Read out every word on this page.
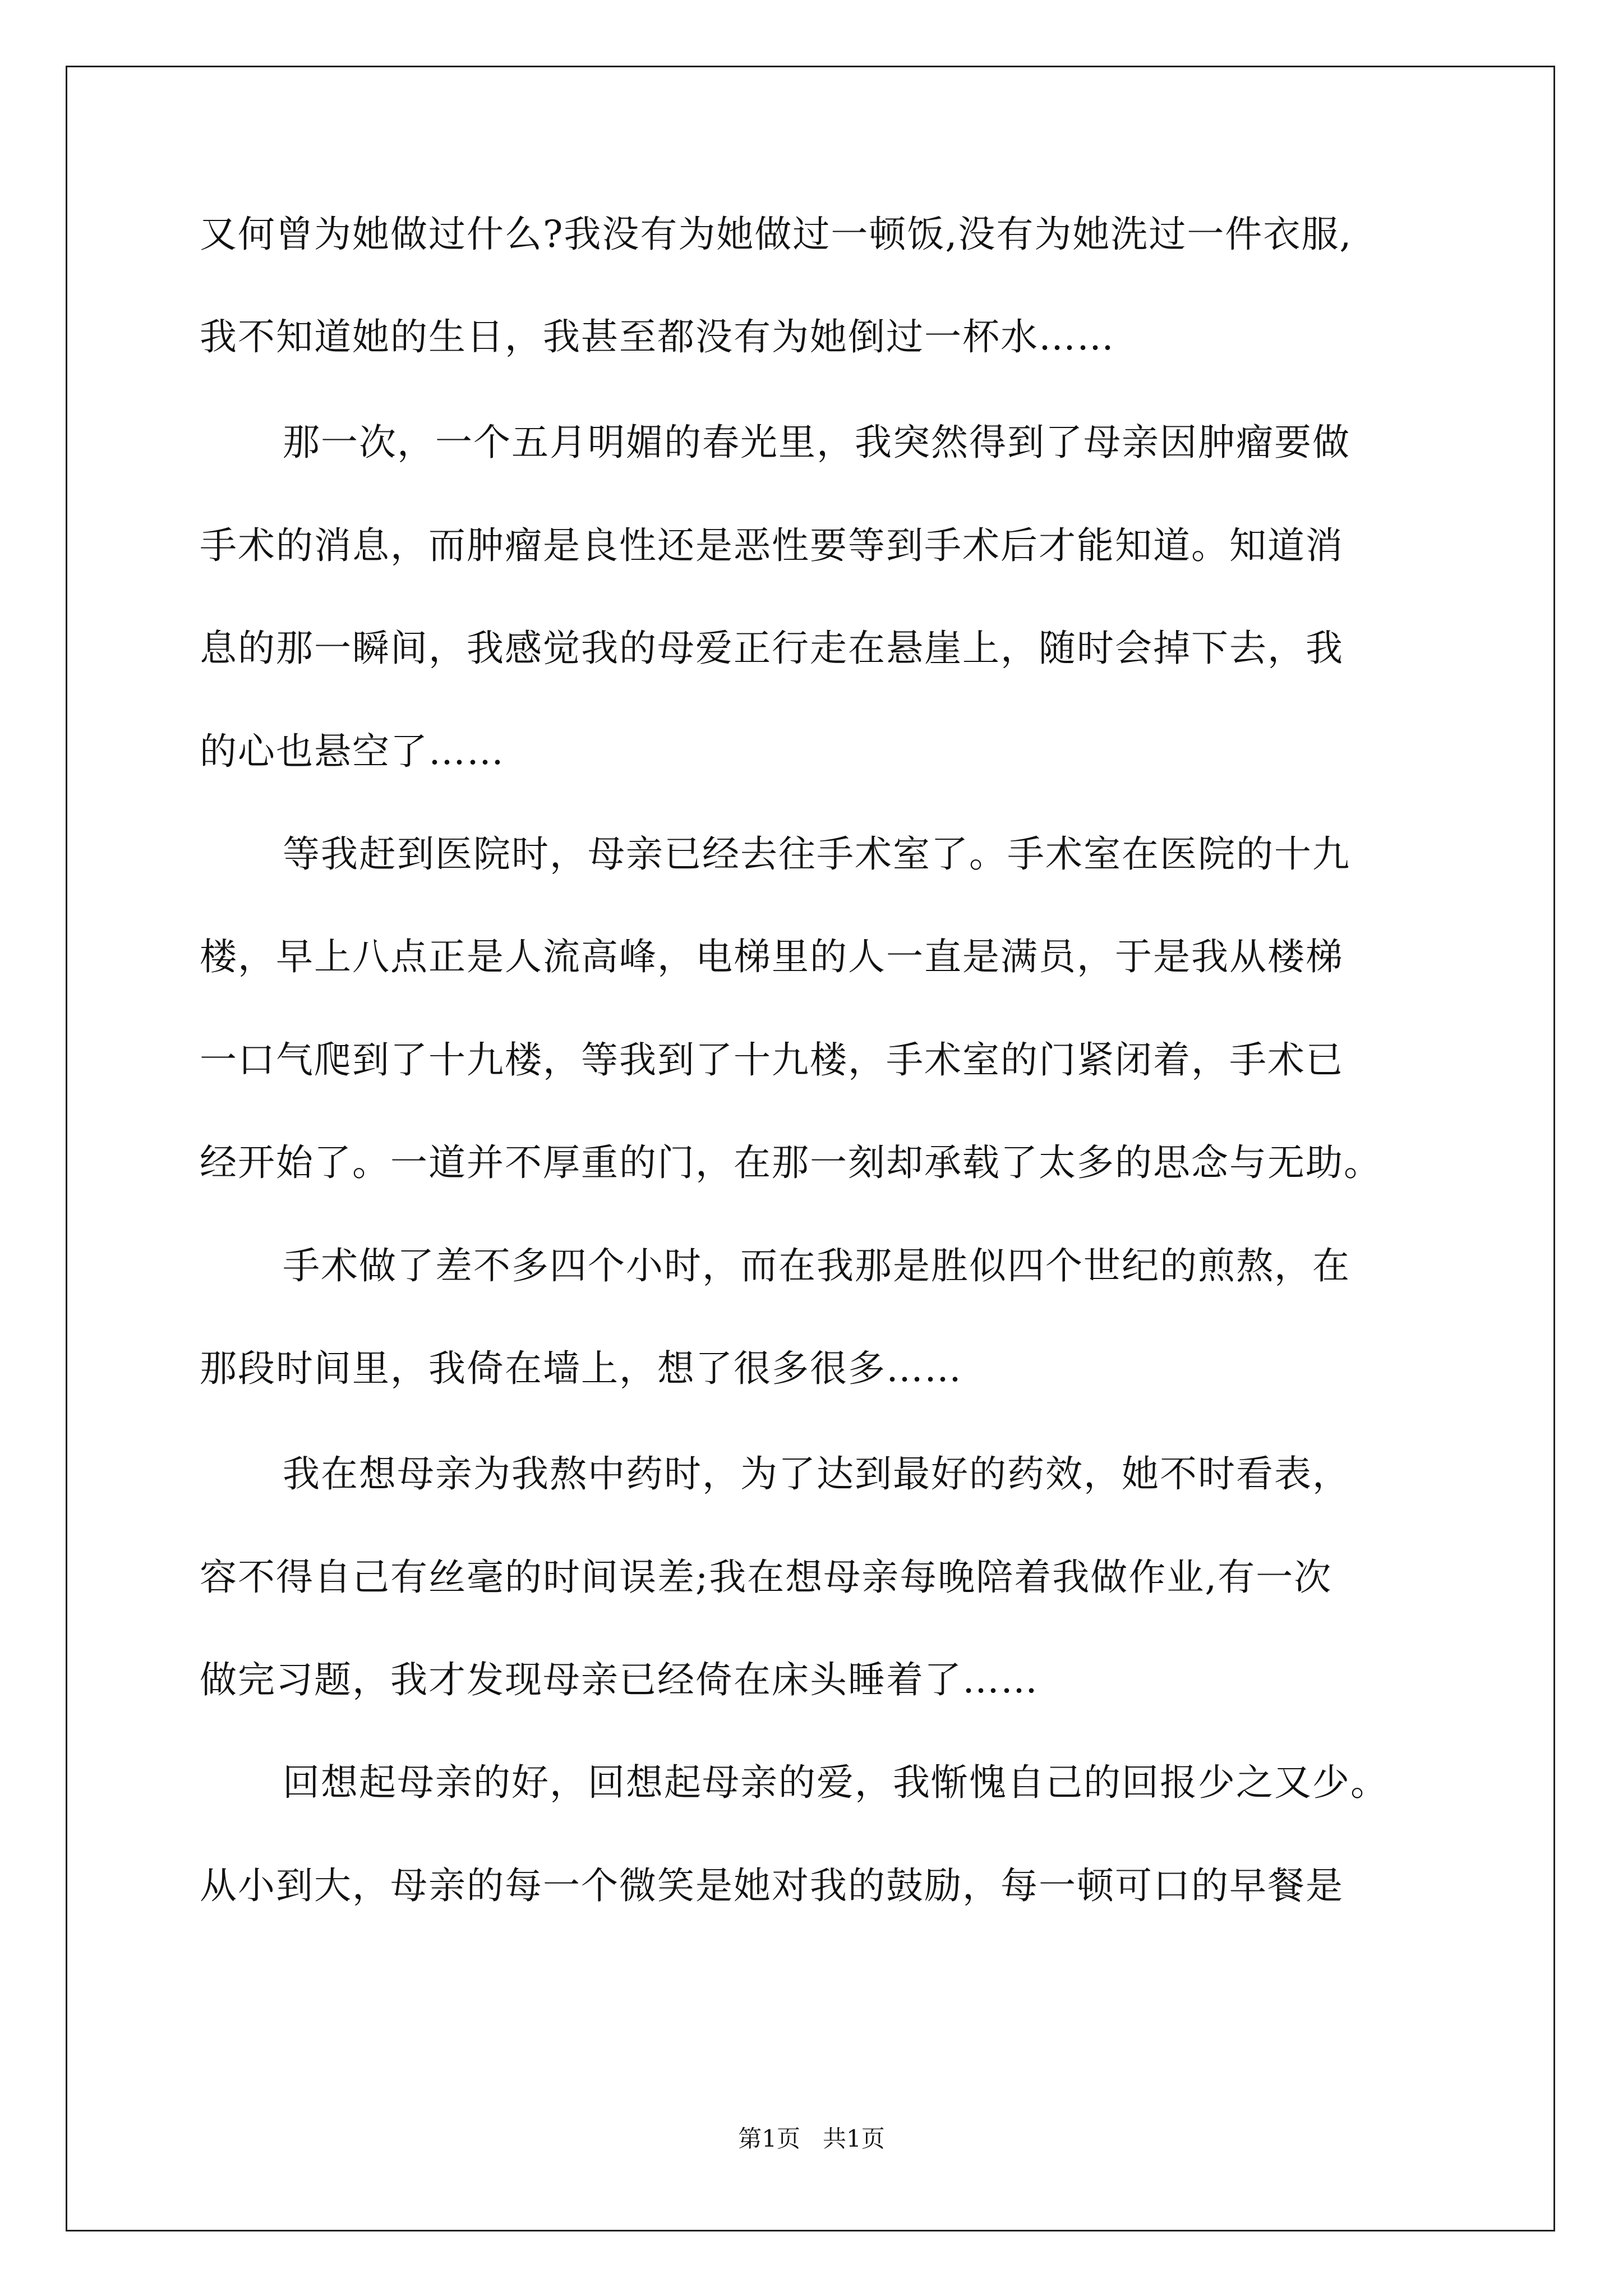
又何曾为她做过什么?我没有为她做过一顿饭,没有为她洗过一件衣服,
我不知道她的生日，我甚至都没有为她倒过一杯水……
那一次，一个五月明媚的春光里，我突然得到了母亲因肿瘤要做
手术的消息，而肿瘤是良性还是恶性要等到手术后才能知道。知道消
息的那一瞬间，我感觉我的母爱正行走在悬崖上，随时会掉下去，我
的心也悬空了……
等我赶到医院时，母亲已经去往手术室了。手术室在医院的十九
楼，早上八点正是人流高峰，电梯里的人一直是满员，于是我从楼梯
一口气爬到了十九楼，等我到了十九楼，手术室的门紧闭着，手术已
经开始了。一道并不厚重的门，在那一刻却承载了太多的思念与无助。
手术做了差不多四个小时，而在我那是胜似四个世纪的煎熬，在
那段时间里，我倚在墙上，想了很多很多……
我在想母亲为我熬中药时，为了达到最好的药效，她不时看表，
容不得自己有丝毫的时间误差;我在想母亲每晚陪着我做作业,有一次
做完习题，我才发现母亲已经倚在床头睡着了……
回想起母亲的好，回想起母亲的爱，我惭愧自己的回报少之又少。
从小到大，母亲的每一个微笑是她对我的鼓励，每一顿可口的早餐是
第1页   共1页
